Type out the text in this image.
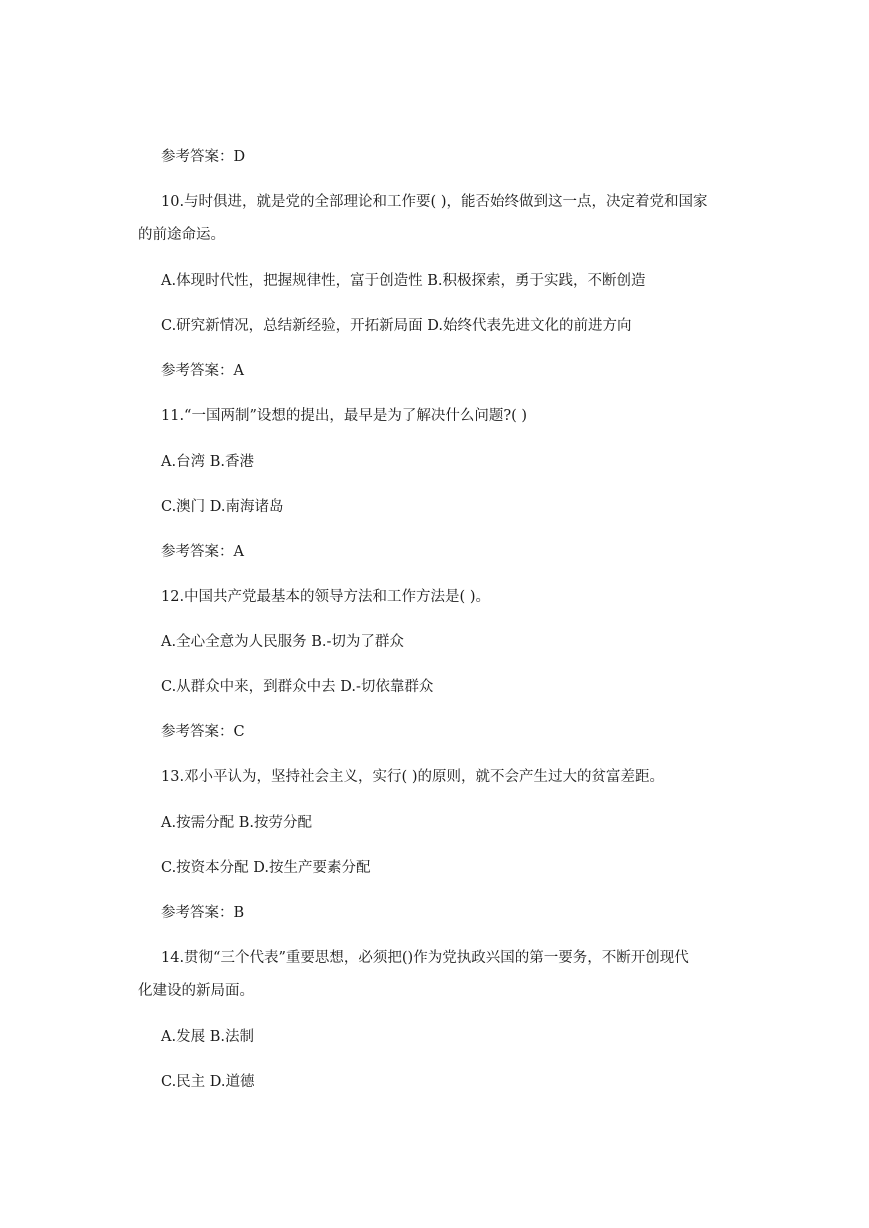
参考答案：D
10.与时俱进，就是党的全部理论和工作要( )，能否始终做到这一点，决定着党和国家
的前途命运。
A.体现时代性，把握规律性，富于创造性 B.积极探索，勇于实践，不断创造
C.研究新情况，总结新经验，开拓新局面 D.始终代表先进文化的前进方向
参考答案：A
11.“一国两制”设想的提出，最早是为了解决什么问题?( )
A.台湾 B.香港
C.澳门 D.南海诸岛
参考答案：A
12.中国共产党最基本的领导方法和工作方法是( )。
A.全心全意为人民服务 B.-切为了群众
C.从群众中来，到群众中去 D.-切依靠群众
参考答案：C
13.邓小平认为，坚持社会主义，实行( )的原则，就不会产生过大的贫富差距。
A.按需分配 B.按劳分配
C.按资本分配 D.按生产要素分配
参考答案：B
14.贯彻“三个代表”重要思想，必须把()作为党执政兴国的第一要务，不断开创现代
化建设的新局面。
A.发展 B.法制
C.民主 D.道德
